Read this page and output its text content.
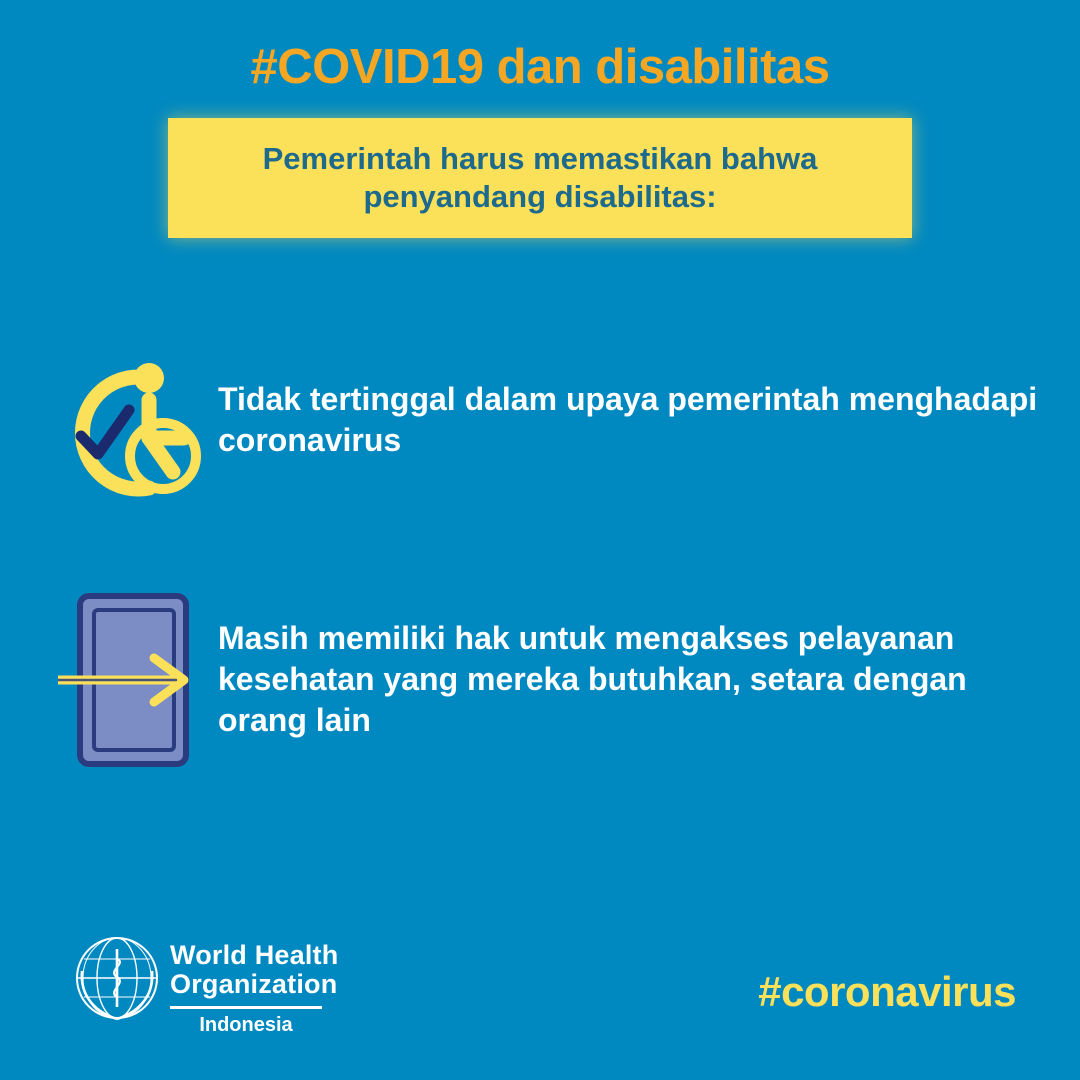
#COVID19 dan disabilitas
Pemerintah harus memastikan bahwa penyandang disabilitas:
Tidak tertinggal dalam upaya pemerintah menghadapi coronavirus
Masih memiliki hak untuk mengakses pelayanan kesehatan yang mereka butuhkan, setara dengan orang lain
World Health
Organization
Indonesia
#coronavirus
